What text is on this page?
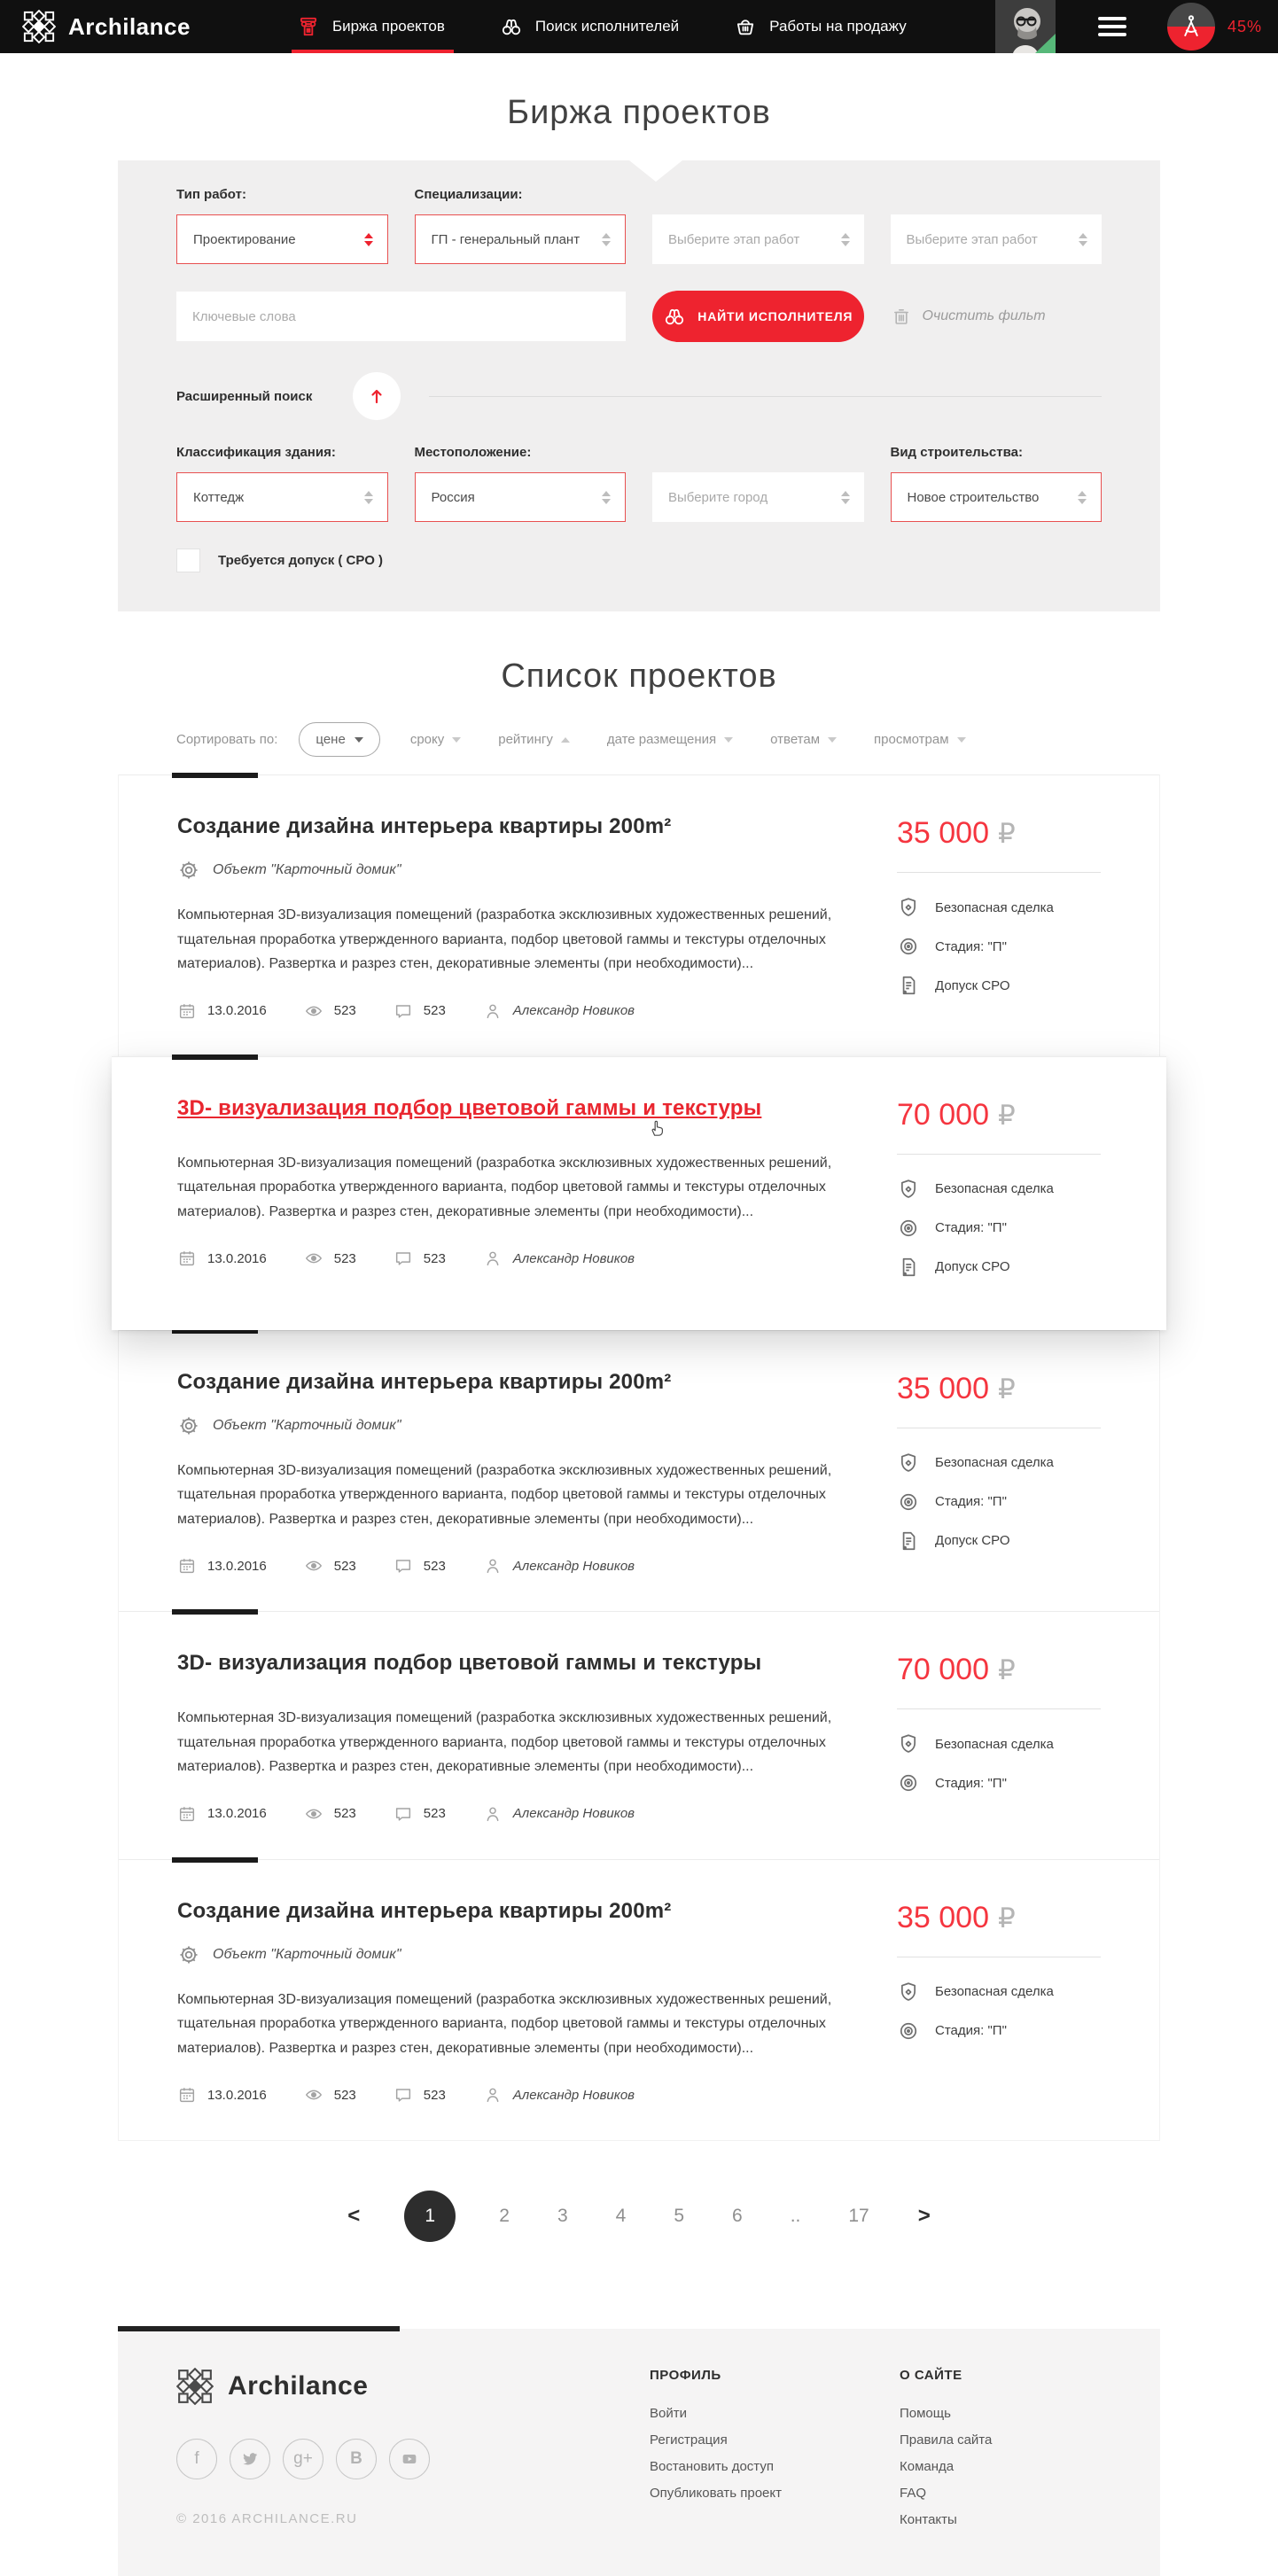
Archilance	Биржа проектов	Поиск исполнителей	Работы на продажу	45%
Биржа проектов
Тип работ:
Проектирование
Специализации:
ГП - генеральный плант	Выберите этап работ	Выберите этап работ
Ключевые слова
НАЙТИ ИСПОЛНИТЕЛЯ	Очистить фильт
Расширенный поиск
Классификация здания:
Коттедж
Местоположение:
Россия	Выберите город
Вид строительства:
Новое строительство
Требуется допуск ( СРО )
Список проектов
Сортировать по:	цене	сроку	рейтингу	дате размещения	ответам	просмотрам
Создание дизайна интерьера квартиры 200m²
Объект "Карточный домик"

Компьютерная 3D-визуализация помещений (разработка эксклюзивных художественных решений, тщательная проработка утвержденного варианта, подбор цветовой гаммы и текстуры отделочных материалов). Развертка и разрез стен, декоративные элементы (при необходимости)...

13.0.2016	523	523	Александр Новиков
35 000 ₽
Безопасная сделка
Стадия: "П"
Допуск СРО
3D- визуализация подбор цветовой гаммы и текстуры

Компьютерная 3D-визуализация помещений (разработка эксклюзивных художественных решений, тщательная проработка утвержденного варианта, подбор цветовой гаммы и текстуры отделочных материалов). Развертка и разрез стен, декоративные элементы (при необходимости)...

13.0.2016	523	523	Александр Новиков
70 000 ₽
Безопасная сделка
Стадия: "П"
Допуск СРО
Создание дизайна интерьера квартиры 200m²
Объект "Карточный домик"

Компьютерная 3D-визуализация помещений (разработка эксклюзивных художественных решений, тщательная проработка утвержденного варианта, подбор цветовой гаммы и текстуры отделочных материалов). Развертка и разрез стен, декоративные элементы (при необходимости)...

13.0.2016	523	523	Александр Новиков
35 000 ₽
Безопасная сделка
Стадия: "П"
Допуск СРО
3D- визуализация подбор цветовой гаммы и текстуры

Компьютерная 3D-визуализация помещений (разработка эксклюзивных художественных решений, тщательная проработка утвержденного варианта, подбор цветовой гаммы и текстуры отделочных материалов). Развертка и разрез стен, декоративные элементы (при необходимости)...

13.0.2016	523	523	Александр Новиков
70 000 ₽
Безопасная сделка
Стадия: "П"
Создание дизайна интерьера квартиры 200m²
Объект "Карточный домик"

Компьютерная 3D-визуализация помещений (разработка эксклюзивных художественных решений, тщательная проработка утвержденного варианта, подбор цветовой гаммы и текстуры отделочных материалов). Развертка и разрез стен, декоративные элементы (при необходимости)...

13.0.2016	523	523	Александр Новиков
35 000 ₽
Безопасная сделка
Стадия: "П"
<	1	2	3	4	5	6	..	17 >
Archilance
f	g+ B
© 2016 ARCHILANCE.RU
ПРОФИЛЬ
Войти
Регистрация
Востановить доступ
Опубликовать проект
О САЙТЕ
Помощь
Правила сайта
Команда
FAQ
Контакты
